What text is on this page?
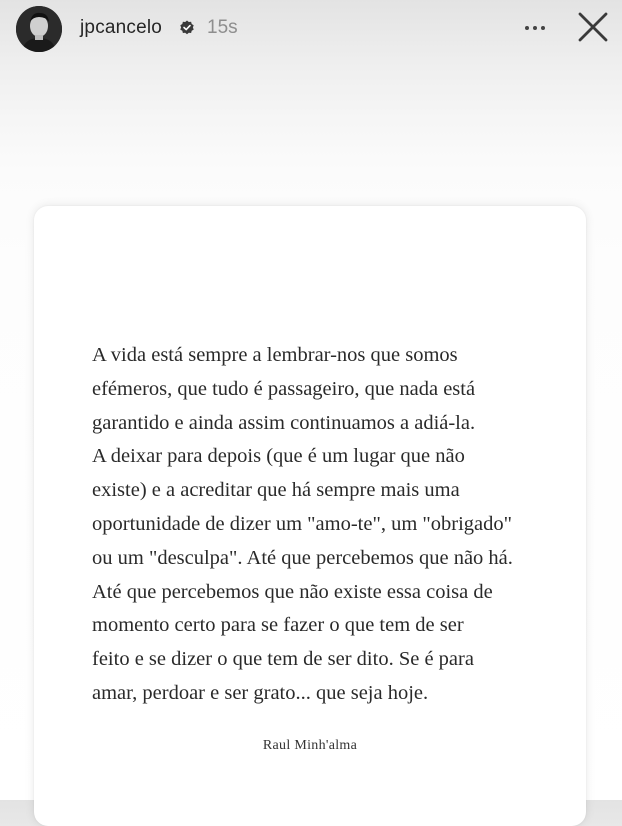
jpcancelo 15s

A vida está sempre a lembrar-nos que somos
efémeros, que tudo é passageiro, que nada está
garantido e ainda assim continuamos a adiá-la.
A deixar para depois (que é um lugar que não
existe) e a acreditar que há sempre mais uma
oportunidade de dizer um "amo-te", um "obrigado"
ou um "desculpa". Até que percebemos que não há.
Até que percebemos que não existe essa coisa de
momento certo para se fazer o que tem de ser
feito e se dizer o que tem de ser dito. Se é para
amar, perdoar e ser grato... que seja hoje.

Raul Minh'alma
